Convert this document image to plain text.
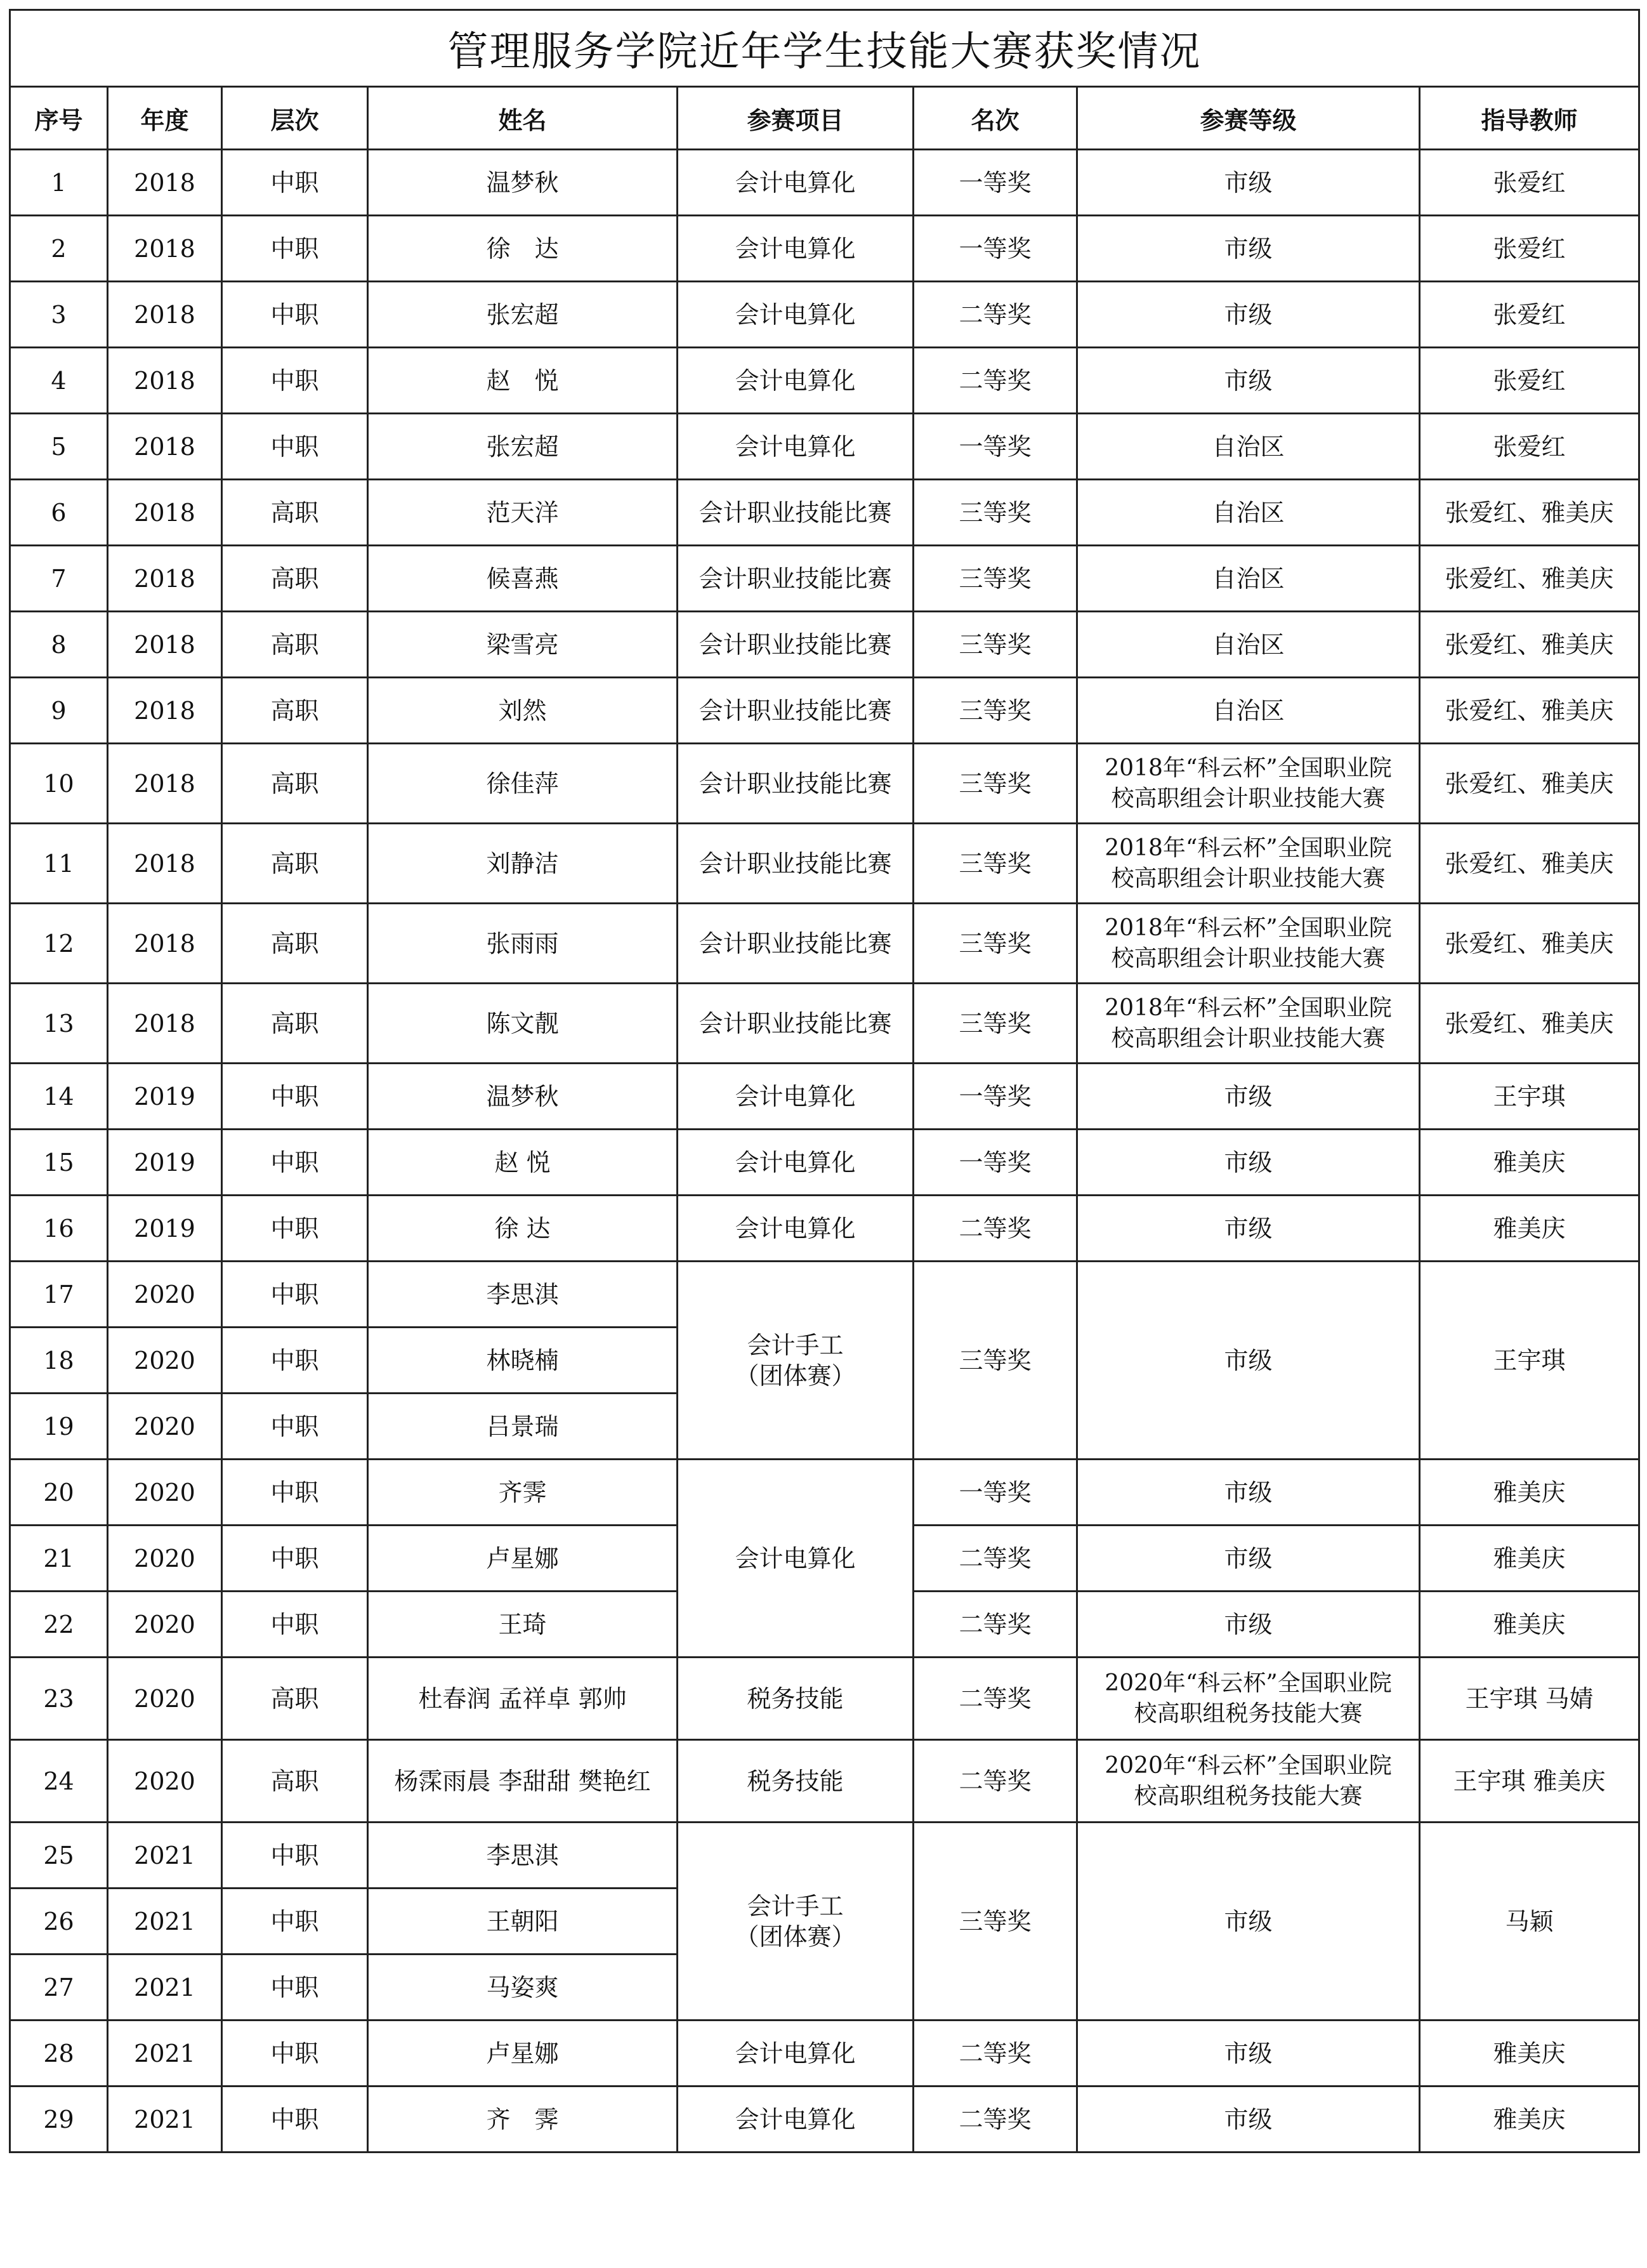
管理服务学院近年学生技能大赛获奖情况							
序号	年度	层次	姓名	参赛项目	名次	参赛等级	指导教师
1	2018	中职	温梦秋	会计电算化	一等奖	市级	张爱红
2	2018	中职	徐　达	会计电算化	一等奖	市级	张爱红
3	2018	中职	张宏超	会计电算化	二等奖	市级	张爱红
4	2018	中职	赵　悦	会计电算化	二等奖	市级	张爱红
5	2018	中职	张宏超	会计电算化	一等奖	自治区	张爱红
6	2018	高职	范天洋	会计职业技能比赛	三等奖	自治区	张爱红、雅美庆
7	2018	高职	候喜燕	会计职业技能比赛	三等奖	自治区	张爱红、雅美庆
8	2018	高职	梁雪亮	会计职业技能比赛	三等奖	自治区	张爱红、雅美庆
9	2018	高职	刘然	会计职业技能比赛	三等奖	自治区	张爱红、雅美庆
10	2018	高职	徐佳萍	会计职业技能比赛	三等奖	2018年“科云杯”全国职业院
校高职组会计职业技能大赛	张爱红、雅美庆
11	2018	高职	刘静洁	会计职业技能比赛	三等奖	2018年“科云杯”全国职业院
校高职组会计职业技能大赛	张爱红、雅美庆
12	2018	高职	张雨雨	会计职业技能比赛	三等奖	2018年“科云杯”全国职业院
校高职组会计职业技能大赛	张爱红、雅美庆
13	2018	高职	陈文靓	会计职业技能比赛	三等奖	2018年“科云杯”全国职业院
校高职组会计职业技能大赛	张爱红、雅美庆
14	2019	中职	温梦秋	会计电算化	一等奖	市级	王宇琪
15	2019	中职	赵 悦	会计电算化	一等奖	市级	雅美庆
16	2019	中职	徐 达	会计电算化	二等奖	市级	雅美庆
17	2020	中职	李思淇	会计手工
（团体赛）	三等奖	市级	王宇琪
18	2020	中职	林晓楠				
19	2020	中职	吕景瑞				
20	2020	中职	齐霁	会计电算化	一等奖	市级	雅美庆
21	2020	中职	卢星娜		二等奖	市级	雅美庆
22	2020	中职	王琦		二等奖	市级	雅美庆
23	2020	高职	杜春润 孟祥卓 郭帅	税务技能	二等奖	2020年“科云杯”全国职业院
校高职组税务技能大赛	王宇琪 马婧
24	2020	高职	杨霂雨晨 李甜甜 樊艳红	税务技能	二等奖	2020年“科云杯”全国职业院
校高职组税务技能大赛	王宇琪 雅美庆
25	2021	中职	李思淇	会计手工
（团体赛）	三等奖	市级	马颖
26	2021	中职	王朝阳				
27	2021	中职	马姿爽				
28	2021	中职	卢星娜	会计电算化	二等奖	市级	雅美庆
29	2021	中职	齐　霁	会计电算化	二等奖	市级	雅美庆
